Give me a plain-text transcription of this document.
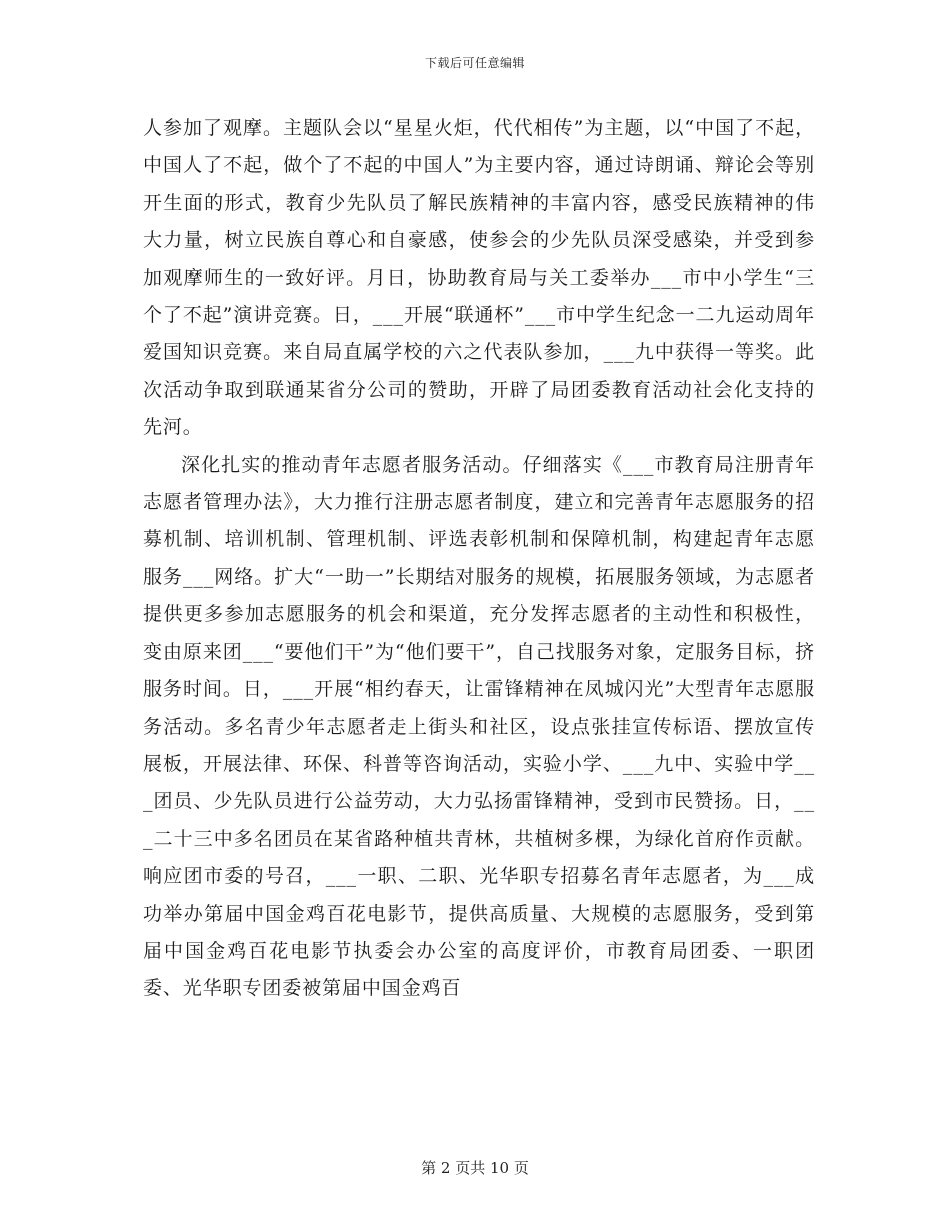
下载后可任意编辑

人参加了观摩。主题队会以“星星火炬，代代相传”为主题，以“中国了不起，中国人了不起，做个了不起的中国人”为主要内容，通过诗朗诵、辩论会等别开生面的形式，教育少先队员了解民族精神的丰富内容，感受民族精神的伟大力量，树立民族自尊心和自豪感，使参会的少先队员深受感染，并受到参加观摩师生的一致好评。月日，协助教育局与关工委举办___市中小学生“三个了不起”演讲竞赛。日，___开展“联通杯”___市中学生纪念一二九运动周年爱国知识竞赛。来自局直属学校的六之代表队参加，___九中获得一等奖。此次活动争取到联通某省分公司的赞助，开辟了局团委教育活动社会化支持的先河。

深化扎实的推动青年志愿者服务活动。仔细落实《___市教育局注册青年志愿者管理办法》，大力推行注册志愿者制度，建立和完善青年志愿服务的招募机制、培训机制、管理机制、评选表彰机制和保障机制，构建起青年志愿服务___网络。扩大“一助一”长期结对服务的规模，拓展服务领域，为志愿者提供更多参加志愿服务的机会和渠道，充分发挥志愿者的主动性和积极性，变由原来团___“要他们干”为“他们要干”，自己找服务对象，定服务目标，挤服务时间。日，___开展“相约春天，让雷锋精神在凤城闪光”大型青年志愿服务活动。多名青少年志愿者走上街头和社区，设点张挂宣传标语、摆放宣传展板，开展法律、环保、科普等咨询活动，实验小学、___九中、实验中学___团员、少先队员进行公益劳动，大力弘扬雷锋精神，受到市民赞扬。日，___二十三中多名团员在某省路种植共青林，共植树多棵，为绿化首府作贡献。响应团市委的号召，___一职、二职、光华职专招募名青年志愿者，为___成功举办第届中国金鸡百花电影节，提供高质量、大规模的志愿服务，受到第届中国金鸡百花电影节执委会办公室的高度评价，市教育局团委、一职团委、光华职专团委被第届中国金鸡百

第 2 页共 10 页
